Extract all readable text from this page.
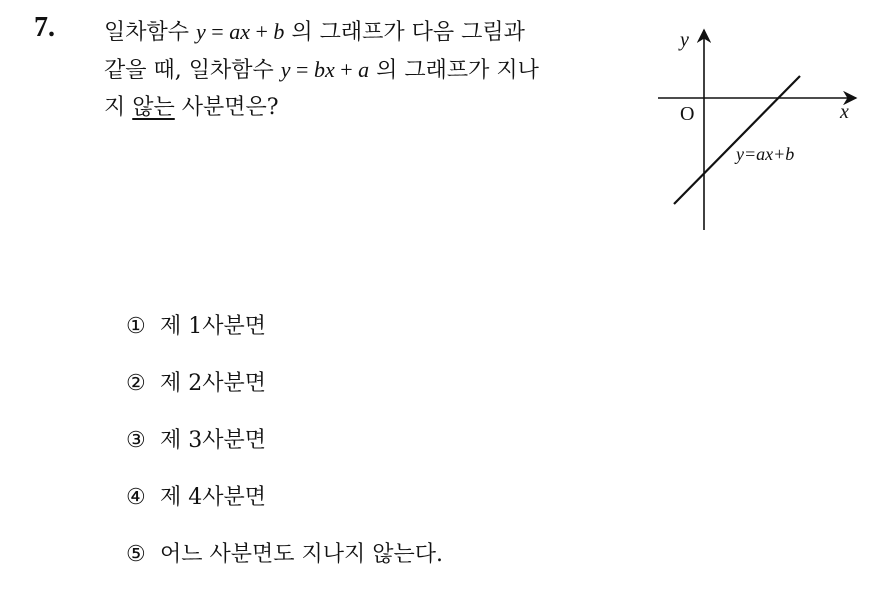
7. 일차함수 y = ax + b 의 그래프가 다음 그림과
같을 때, 일차함수 y = bx + a 의 그래프가 지나
지 않는 사분면은?
y
x
O
y=ax+b
① 제 1사분면
② 제 2사분면
③ 제 3사분면
④ 제 4사분면
⑤ 어느 사분면도 지나지 않는다.
